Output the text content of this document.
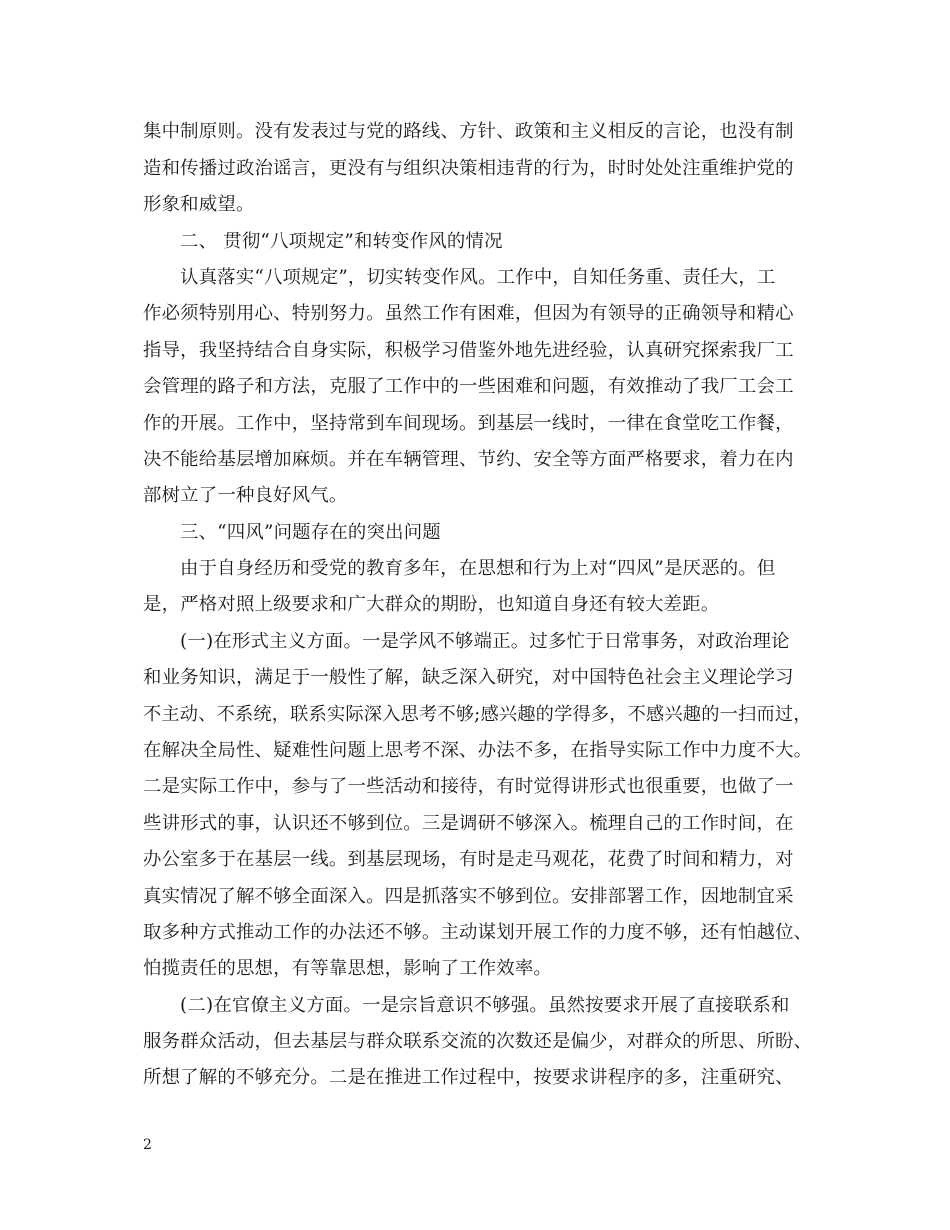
集中制原则。没有发表过与党的路线、方针、政策和主义相反的言论，也没有制
造和传播过政治谣言，更没有与组织决策相违背的行为，时时处处注重维护党的
形象和威望。
二、 贯彻“八项规定”和转变作风的情况
认真落实“八项规定”，切实转变作风。工作中，自知任务重、责任大，工
作必须特别用心、特别努力。虽然工作有困难，但因为有领导的正确领导和精心
指导，我坚持结合自身实际，积极学习借鉴外地先进经验，认真研究探索我厂工
会管理的路子和方法，克服了工作中的一些困难和问题，有效推动了我厂工会工
作的开展。工作中，坚持常到车间现场。到基层一线时，一律在食堂吃工作餐，
决不能给基层增加麻烦。并在车辆管理、节约、安全等方面严格要求，着力在内
部树立了一种良好风气。
三、“四风”问题存在的突出问题
由于自身经历和受党的教育多年，在思想和行为上对“四风”是厌恶的。但
是，严格对照上级要求和广大群众的期盼，也知道自身还有较大差距。
(一)在形式主义方面。一是学风不够端正。过多忙于日常事务，对政治理论
和业务知识，满足于一般性了解，缺乏深入研究，对中国特色社会主义理论学习
不主动、不系统，联系实际深入思考不够;感兴趣的学得多，不感兴趣的一扫而过，
在解决全局性、疑难性问题上思考不深、办法不多，在指导实际工作中力度不大。
二是实际工作中，参与了一些活动和接待，有时觉得讲形式也很重要，也做了一
些讲形式的事，认识还不够到位。三是调研不够深入。梳理自己的工作时间，在
办公室多于在基层一线。到基层现场，有时是走马观花，花费了时间和精力，对
真实情况了解不够全面深入。四是抓落实不够到位。安排部署工作，因地制宜采
取多种方式推动工作的办法还不够。主动谋划开展工作的力度不够，还有怕越位、
怕揽责任的思想，有等靠思想，影响了工作效率。
(二)在官僚主义方面。一是宗旨意识不够强。虽然按要求开展了直接联系和
服务群众活动，但去基层与群众联系交流的次数还是偏少，对群众的所思、所盼、
所想了解的不够充分。二是在推进工作过程中，按要求讲程序的多，注重研究、
2
